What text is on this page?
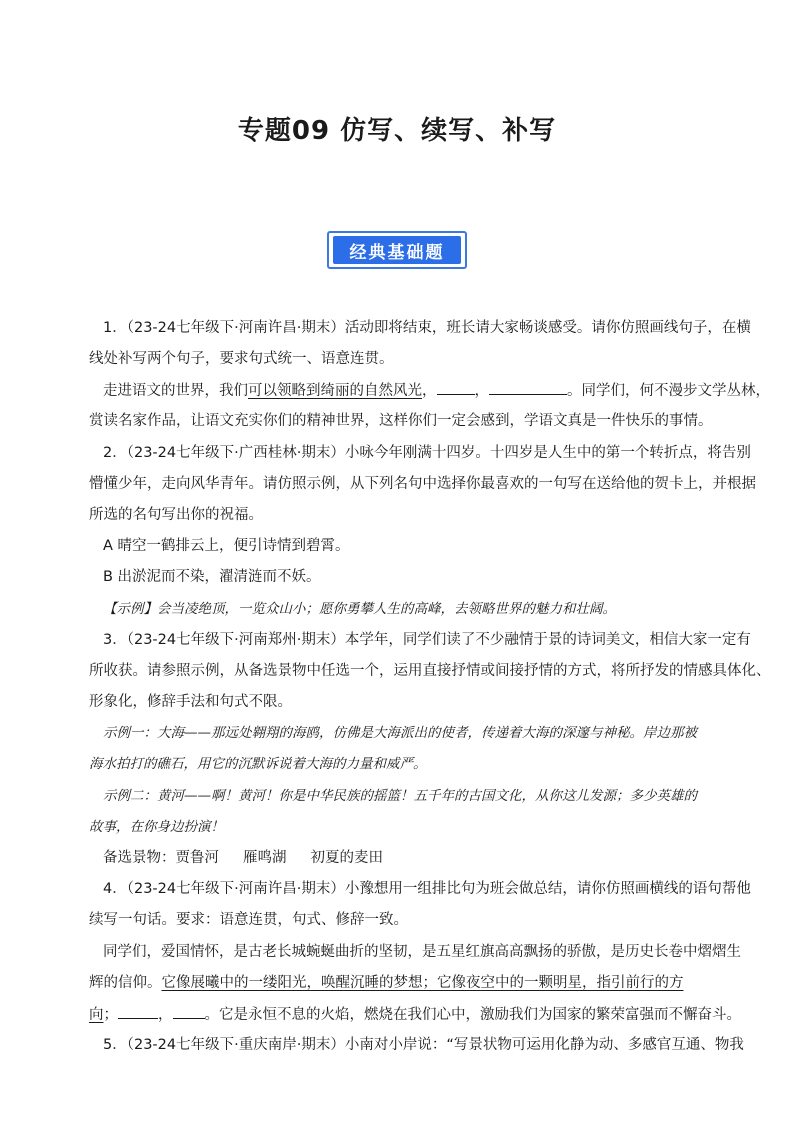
专题09 仿写、续写、补写
经典基础题
1．（23-24七年级下·河南许昌·期末）活动即将结束，班长请大家畅谈感受。请你仿照画线句子，在横
线处补写两个句子，要求句式统一、语意连贯。
走进语文的世界，我们可以领略到绮丽的自然风光，	，	。同学们，何不漫步文学丛林，
赏读名家作品，让语文充实你们的精神世界，这样你们一定会感到，学语文真是一件快乐的事情。
2．（23-24七年级下·广西桂林·期末）小咏今年刚满十四岁。十四岁是人生中的第一个转折点，将告别
懵懂少年，走向风华青年。请仿照示例，从下列名句中选择你最喜欢的一句写在送给他的贺卡上，并根据
所选的名句写出你的祝福。
A 晴空一鹤排云上，便引诗情到碧霄。
B 出淤泥而不染，濯清涟而不妖。
【示例】会当凌绝顶，一览众山小；愿你勇攀人生的高峰，去领略世界的魅力和壮阔。
3．（23-24七年级下·河南郑州·期末）本学年，同学们读了不少融情于景的诗词美文，相信大家一定有
所收获。请参照示例，从备选景物中任选一个，运用直接抒情或间接抒情的方式，将所抒发的情感具体化、
形象化，修辞手法和句式不限。
示例一：大海——那远处翱翔的海鸥，仿佛是大海派出的使者，传递着大海的深邃与神秘。岸边那被
海水拍打的礁石，用它的沉默诉说着大海的力量和威严。
示例二：黄河——啊！黄河！你是中华民族的摇篮！五千年的古国文化，从你这儿发源；多少英雄的
故事，在你身边扮演！
备选景物：贾鲁河 雁鸣湖 初夏的麦田
4．（23-24七年级下·河南许昌·期末）小豫想用一组排比句为班会做总结，请你仿照画横线的语句帮他
续写一句话。要求：语意连贯，句式、修辞一致。
同学们，爱国情怀，是古老长城蜿蜒曲折的坚韧，是五星红旗高高飘扬的骄傲，是历史长卷中熠熠生
辉的信仰。它像展曦中的一缕阳光，唤醒沉睡的梦想；它像夜空中的一颗明星，指引前行的方
向；	， 。它是永恒不息的火焰，燃烧在我们心中，激励我们为国家的繁荣富强而不懈奋斗。
5．（23-24七年级下·重庆南岸·期末）小南对小岸说：“写景状物可运用化静为动、多感官互通、物我
